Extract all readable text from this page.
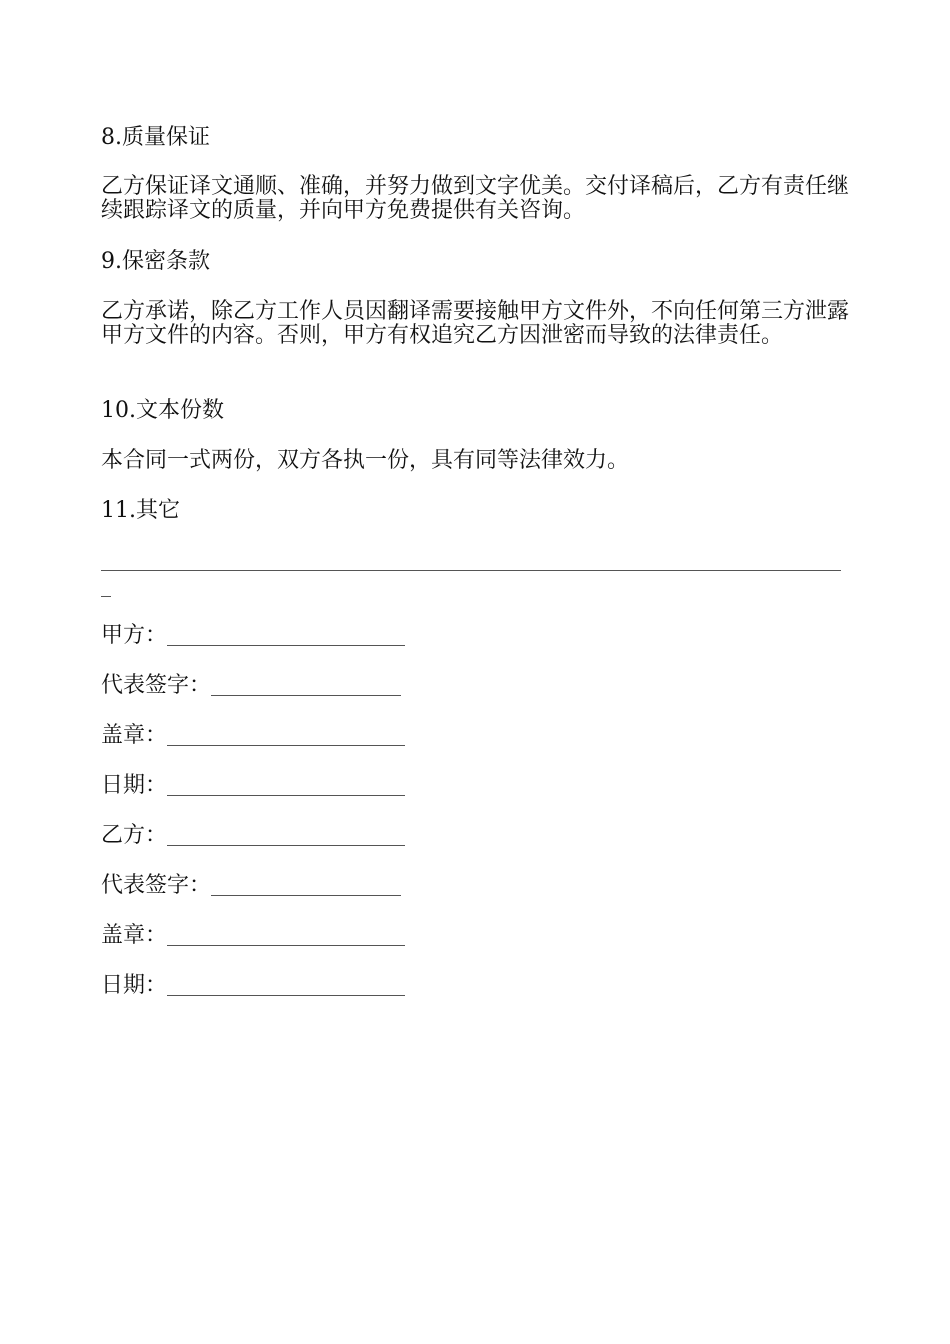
8.质量保证
乙方保证译文通顺、准确，并努力做到文字优美。交付译稿后，乙方有责任继续跟踪译文的质量，并向甲方免费提供有关咨询。
9.保密条款
乙方承诺，除乙方工作人员因翻译需要接触甲方文件外，不向任何第三方泄露甲方文件的内容。否则，甲方有权追究乙方因泄密而导致的法律责任。
10.文本份数
本合同一式两份，双方各执一份，具有同等法律效力。
11.其它
甲方：
代表签字：
盖章：
日期：
乙方：
代表签字：
盖章：
日期：
